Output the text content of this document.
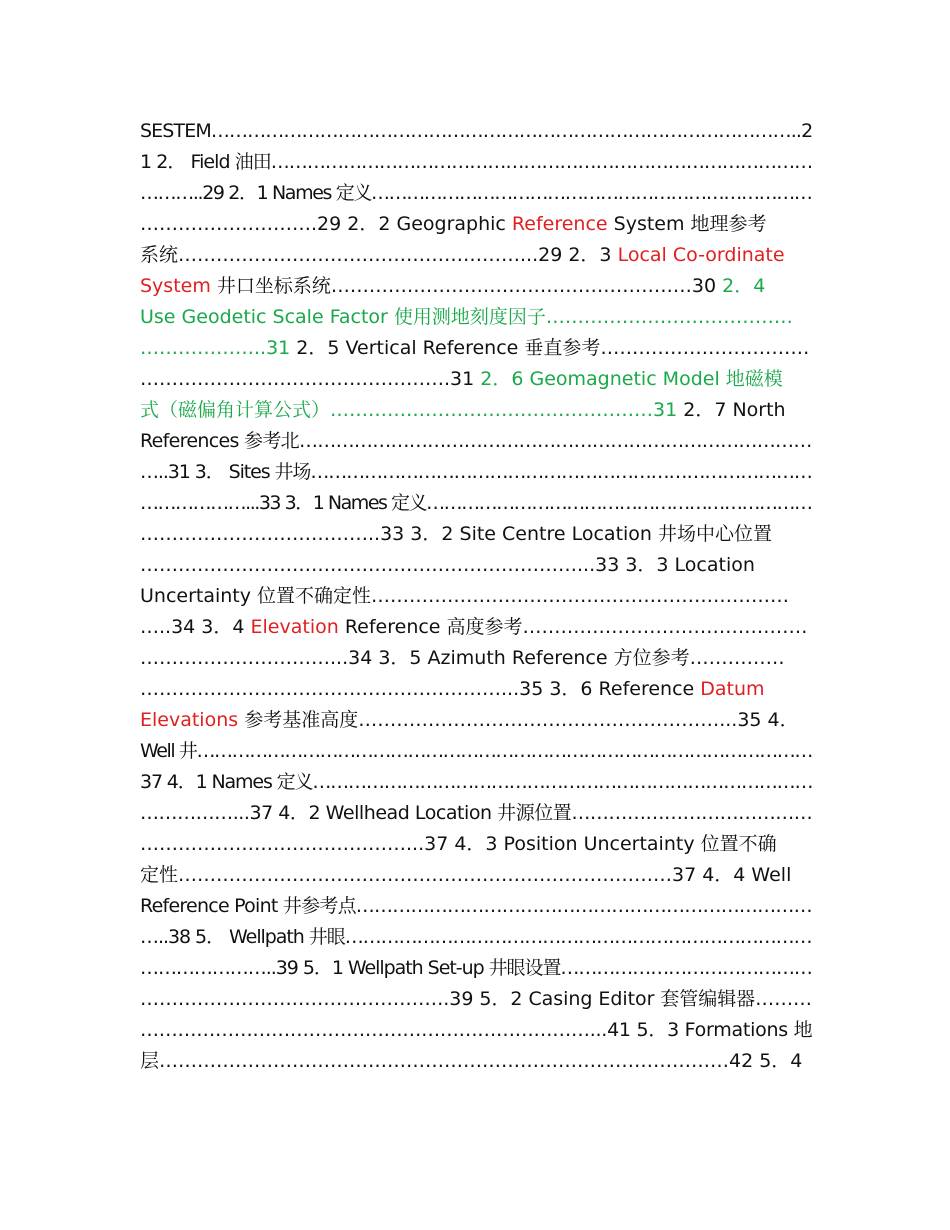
SESTEM……………………………………………………………………………………..2
1 2． Field 油田………………………………………………………………………………
………..29 2．1 Names 定义…………………………………………………………………
……………………….29 2．2 Geographic Reference System 地理参考
系统………………………………………………...29 2．3 Local Co-ordinate
System 井口坐标系统…………………………………………………30 2．4
Use Geodetic Scale Factor 使用测地刻度因子…………………………………
………………..31 2．5 Vertical Reference 垂直参考……………………………
………………………………………….31 2．6 Geomagnetic Model 地磁模
式（磁偏角计算公式）……………………………………………31 2．7 North
References 参考北…………………………………………………………………………
…..31 3． Sites 井场…………………………………………………………………………
………………...33 3．1 Names 定义…………………………………………………………
………………………………..33 3．2 Site Centre Location 井场中心位置
……………………………………………………………...33 3．3 Location
Uncertainty 位置不确定性…………………………………………………………
…..34 3．4 Elevation Reference 高度参考………………………………………
…………………………...34 3．5 Azimuth Reference 方位参考……………
…………………………………………………...35 3．6 Reference Datum
Elevations 参考基准高度…………………………………………………...35 4．
Well 井……………………………………………………………………………………………
37 4．1 Names 定义…………………………………………………………………………
……………...37 4．2 Wellhead Location 井源位置…………………………………
……………………………………...37 4．3 Position Uncertainty 位置不确
定性……………………………………………………………………37 4．4 Well
Reference Point 井参考点…………………………………………………………………
…..38 5． Wellpath 井眼……………………………………………………………………
…………………..39 5．1 Wellpath Set-up 井眼设置……………………………………
………………………………………….39 5．2 Casing Editor 套管编辑器………
………………………………………………………………...41 5．3 Formations 地
层………………………………………………………………………………42 5．4
